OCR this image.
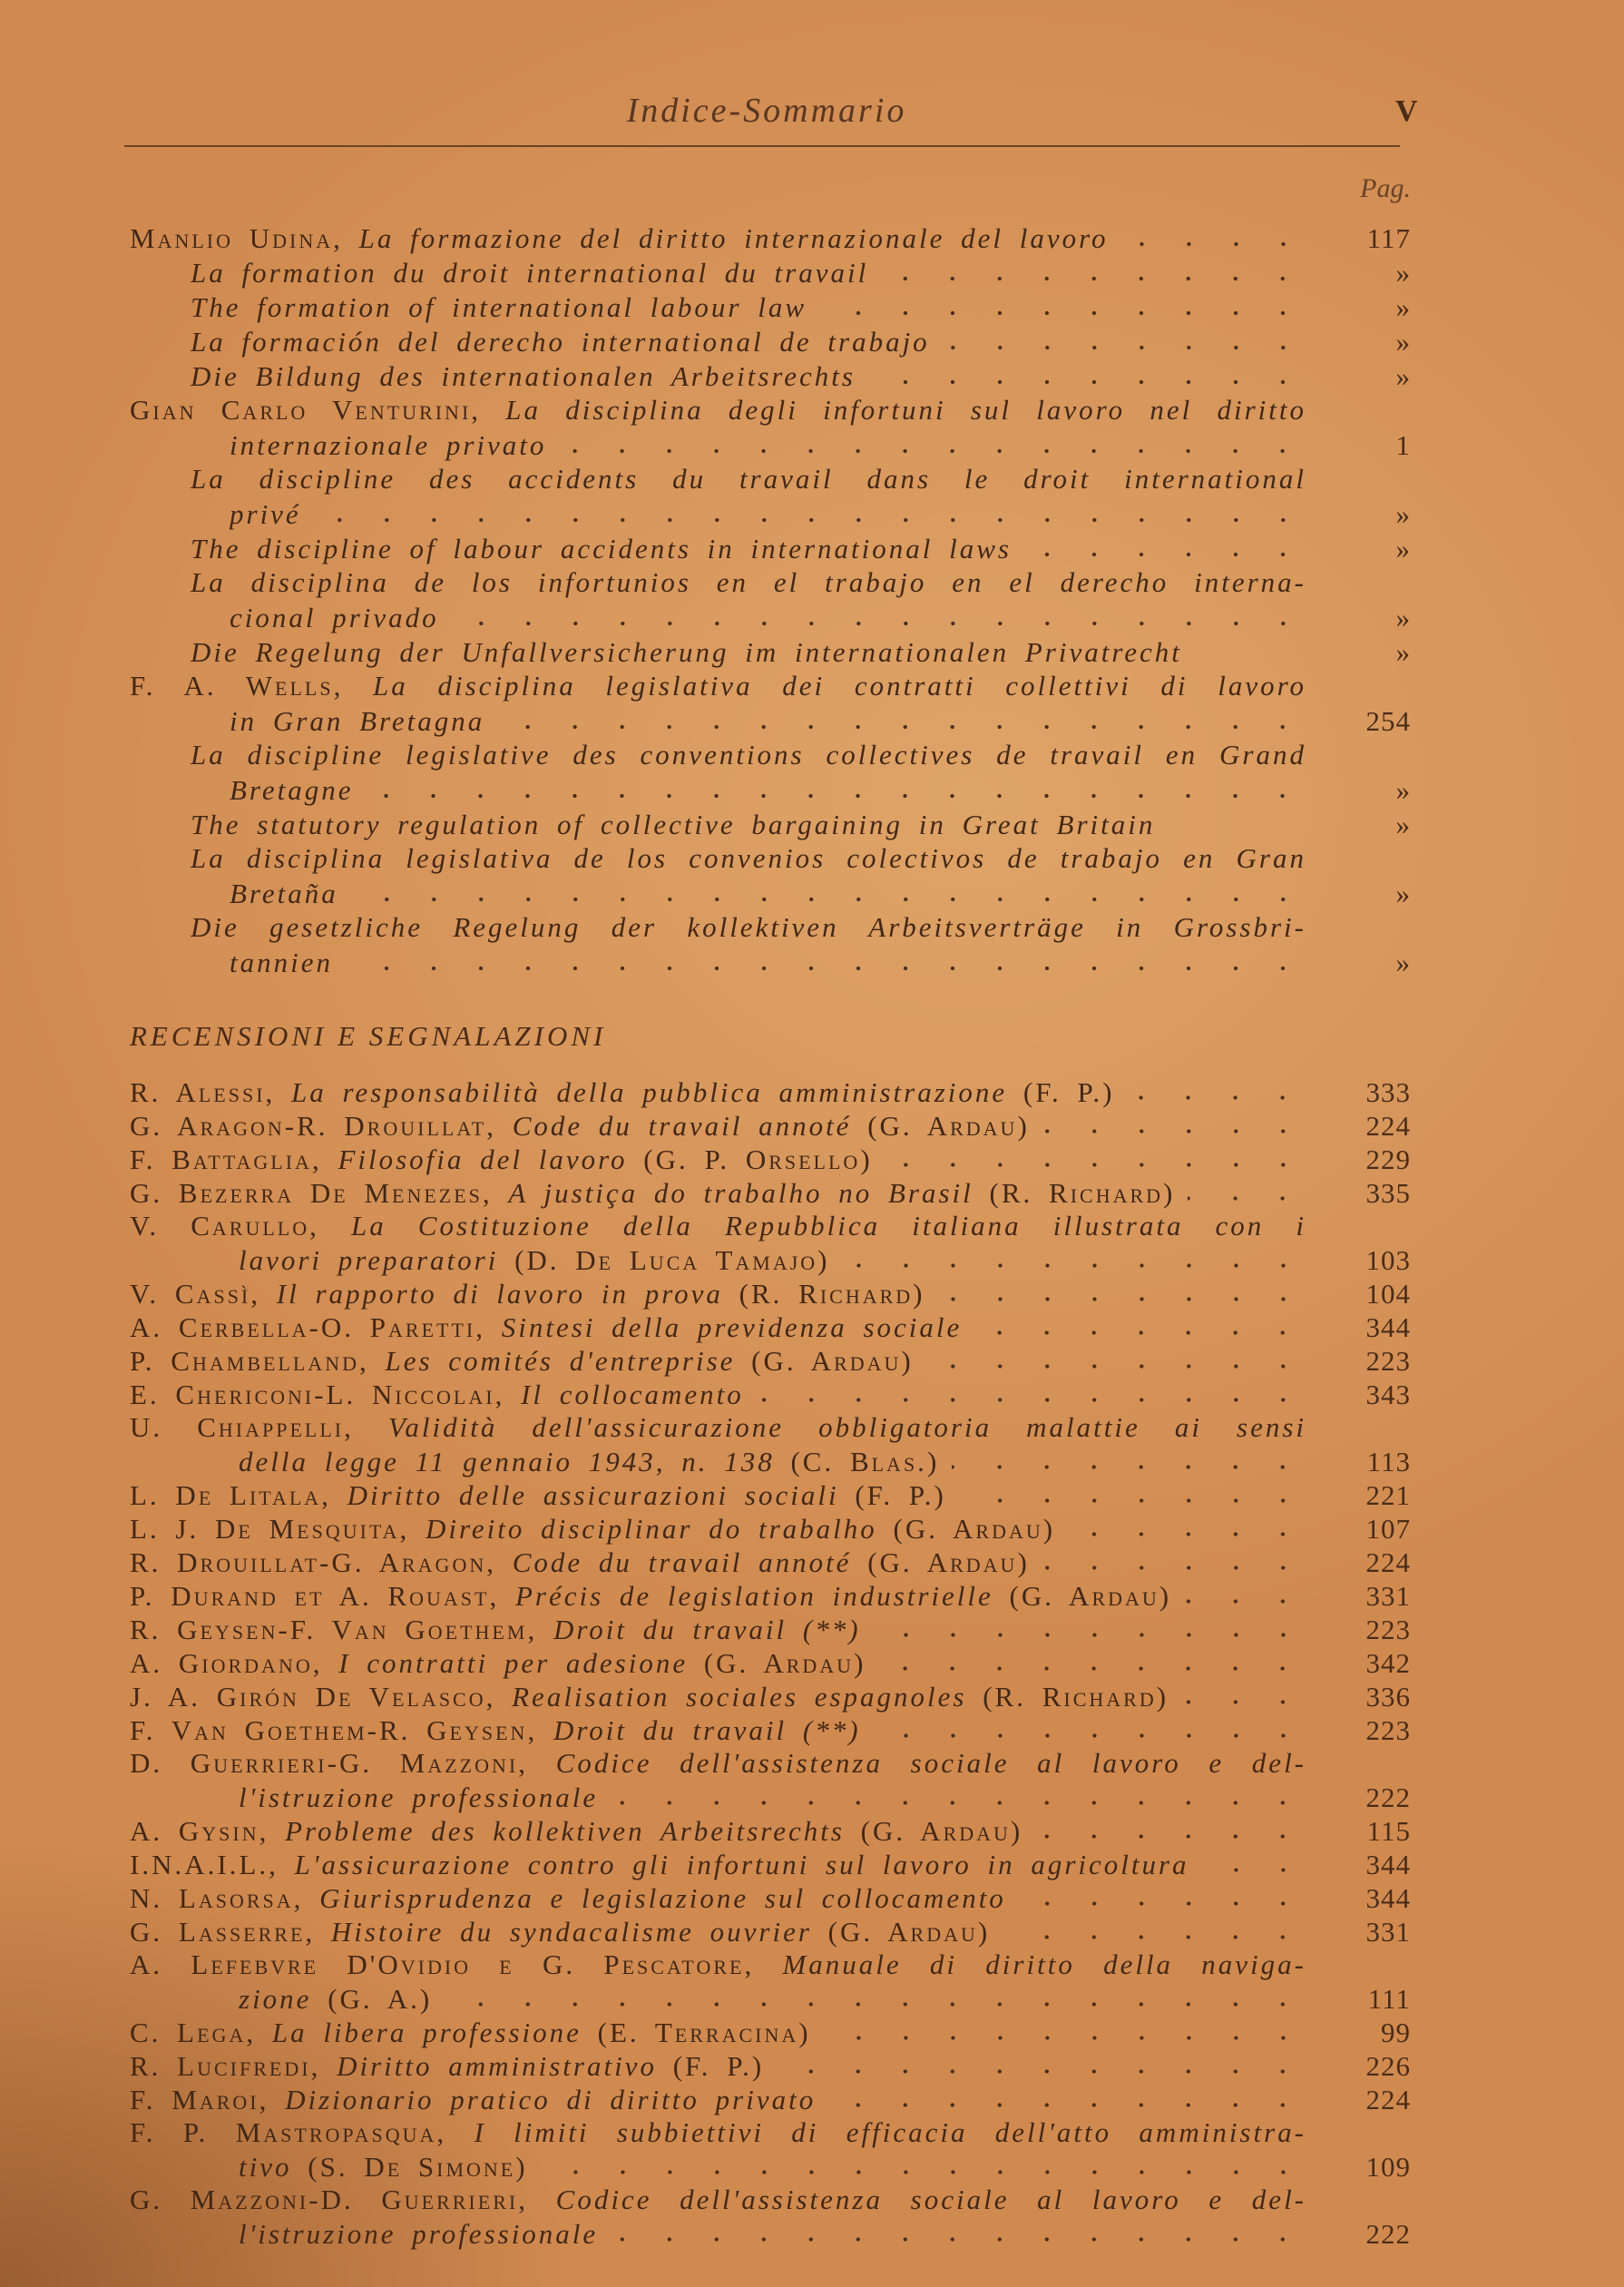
Indice-Sommario	V
Pag.
Manlio Udina , La formazione del diritto internazionale del lavoro	117
La formation du droit international du travail	»
The formation of international labour law	»
La formación del derecho international de trabajo	»
Die Bildung des internationalen Arbeitsrechts	»
Gian Carlo Venturini , La disciplina degli infortuni sul lavoro nel diritto
internazionale privato	1
La discipline des accidents du travail dans le droit international
privé	»
The discipline of labour accidents in international laws	»
La disciplina de los infortunios en el trabajo en el derecho interna-
cional privado	»
Die Regelung der Unfallversicherung im internationalen Privatrecht	»
F. A. Wells , La disciplina legislativa dei contratti collettivi di lavoro
in Gran Bretagna	254
La discipline legislative des conventions collectives de travail en Grand
Bretagne	»
The statutory regulation of collective bargaining in Great Britain	»
La disciplina legislativa de los convenios colectivos de trabajo en Gran
Bretaña	»
Die gesetzliche Regelung der kollektiven Arbeitsverträge in Grossbri-
tannien	»
RECENSIONI E SEGNALAZIONI
R. Alessi , La responsabilità della pubblica amministrazione ( F. P. )	333
G. Aragon-R. Drouillat , Code du travail annoté ( G. Ardau )	224
F. Battaglia , Filosofia del lavoro ( G. P. Orsello )	229
G. Bezerra De Menezes , A justiça do trabalho no Brasil ( R. Richard )	335
V. Carullo , La Costituzione della Repubblica italiana illustrata con i
lavori preparatori ( D. De Luca Tamajo )	103
V. Cassì , Il rapporto di lavoro in prova ( R. Richard )	104
A. Cerbella-O. Paretti , Sintesi della previdenza sociale	344
P. Chambelland , Les comités d'entreprise ( G. Ardau )	223
E. Chericoni-L. Niccolai , Il collocamento	343
U. Chiappelli , Validità dell'assicurazione obbligatoria malattie ai sensi
della legge 11 gennaio 1943, n. 138 ( C. Blas. )	113
L. De Litala , Diritto delle assicurazioni sociali ( F. P. )	221
L. J. De Mesquita , Direito disciplinar do trabalho ( G. Ardau )	107
R. Drouillat-G. Aragon , Code du travail annoté ( G. Ardau )	224
P. Durand et A. Rouast , Précis de legislation industrielle ( G. Ardau )	331
R. Geysen-F. Van Goethem , Droit du travail (**)	223
A. Giordano , I contratti per adesione ( G. Ardau )	342
J. A. Girón De Velasco , Realisation sociales espagnoles ( R. Richard )	336
F. Van Goethem-R. Geysen , Droit du travail (**)	223
D. Guerrieri-G. Mazzoni , Codice dell'assistenza sociale al lavoro e del-
l'istruzione professionale	222
A. Gysin , Probleme des kollektiven Arbeitsrechts ( G. Ardau )	115
I.N.A.I.L. , L'assicurazione contro gli infortuni sul lavoro in agricoltura	344
N. Lasorsa , Giurisprudenza e legislazione sul collocamento	344
G. Lasserre , Histoire du syndacalisme ouvrier ( G. Ardau )	331
A. Lefebvre D'Ovidio e G. Pescatore , Manuale di diritto della naviga-
zione ( G. A. )	111
C. Lega , La libera professione ( E. Terracina )	99
R. Lucifredi , Diritto amministrativo ( F. P. )	226
F. Maroi , Dizionario pratico di diritto privato	224
F. P. Mastropasqua , I limiti subbiettivi di efficacia dell'atto amministra-
tivo ( S. De Simone )	109
G. Mazzoni-D. Guerrieri , Codice dell'assistenza sociale al lavoro e del-
l'istruzione professionale	222
